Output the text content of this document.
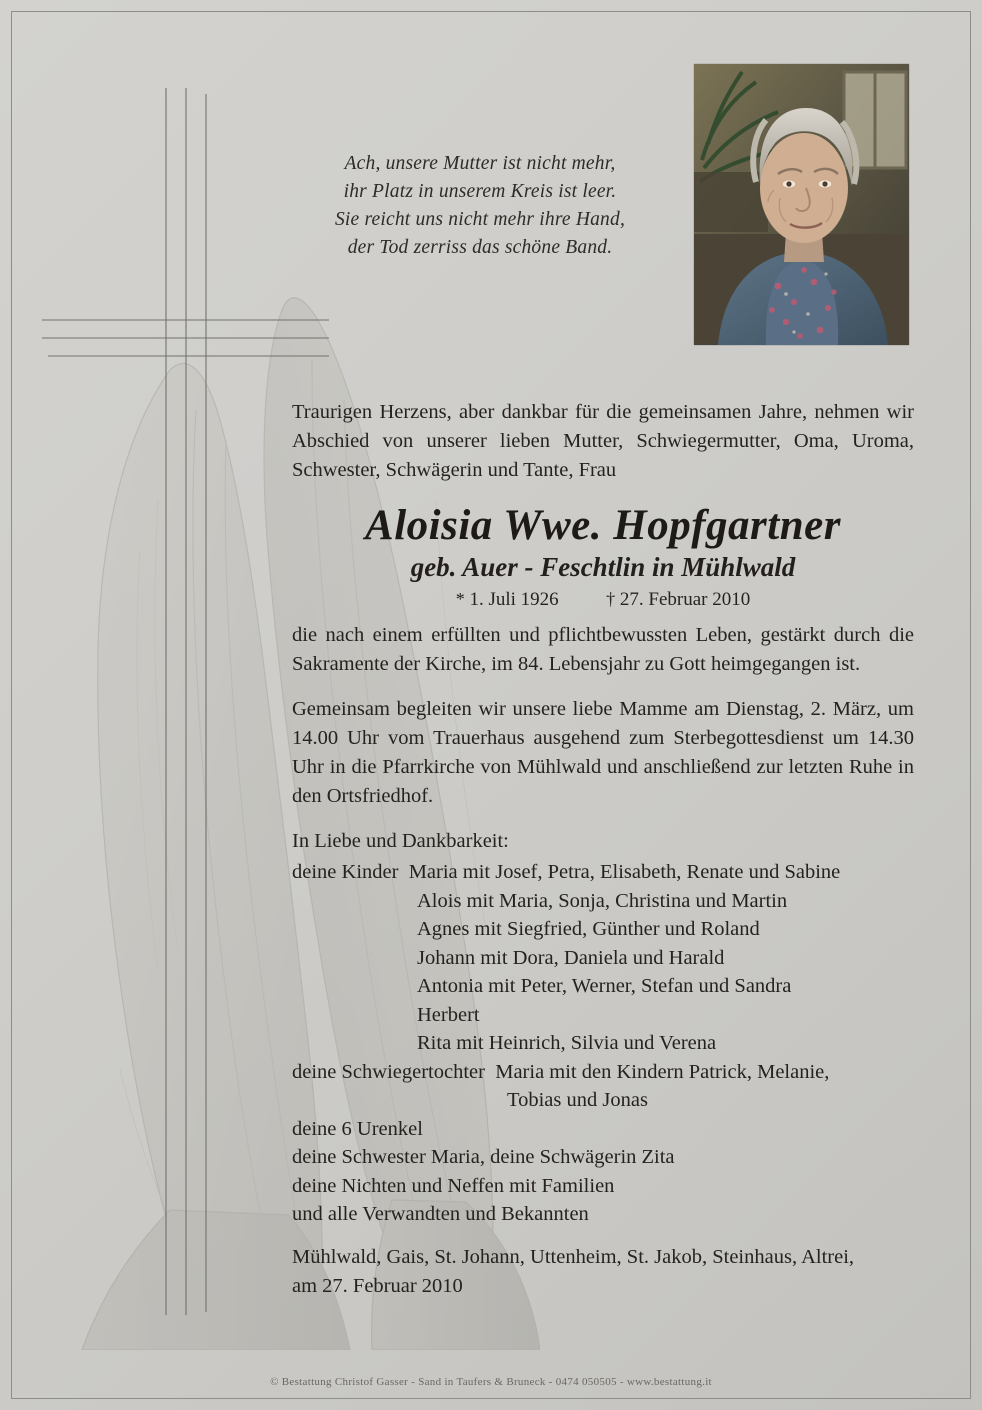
Ach, unsere Mutter ist nicht mehr,
ihr Platz in unserem Kreis ist leer.
Sie reicht uns nicht mehr ihre Hand,
der Tod zerriss das schöne Band.
Traurigen Herzens, aber dankbar für die gemeinsamen Jahre, nehmen wir Abschied von unserer lieben Mutter, Schwiegermutter, Oma, Uroma, Schwester, Schwägerin und Tante, Frau
Aloisia Wwe. Hopfgartner
geb. Auer - Feschtlin in Mühlwald
* 1. Juli 1926	† 27. Februar 2010
die nach einem erfüllten und pflichtbewussten Leben, gestärkt durch die Sakramente der Kirche, im 84. Lebensjahr zu Gott heimgegangen ist.
Gemeinsam begleiten wir unsere liebe Mamme am Dienstag, 2. März, um 14.00 Uhr vom Trauerhaus ausgehend zum Sterbegottesdienst um 14.30 Uhr in die Pfarrkirche von Mühlwald und anschließend zur letzten Ruhe in den Ortsfriedhof.
In Liebe und Dankbarkeit:
deine Kinder Maria mit Josef, Petra, Elisabeth, Renate und Sabine
Alois mit Maria, Sonja, Christina und Martin
Agnes mit Siegfried, Günther und Roland
Johann mit Dora, Daniela und Harald
Antonia mit Peter, Werner, Stefan und Sandra
Herbert
Rita mit Heinrich, Silvia und Verena
deine Schwiegertochter Maria mit den Kindern Patrick, Melanie,
Tobias und Jonas
deine 6 Urenkel
deine Schwester Maria, deine Schwägerin Zita
deine Nichten und Neffen mit Familien
und alle Verwandten und Bekannten
Mühlwald, Gais, St. Johann, Uttenheim, St. Jakob, Steinhaus, Altrei,
am 27. Februar 2010
© Bestattung Christof Gasser - Sand in Taufers & Bruneck - 0474 050505 - www.bestattung.it
